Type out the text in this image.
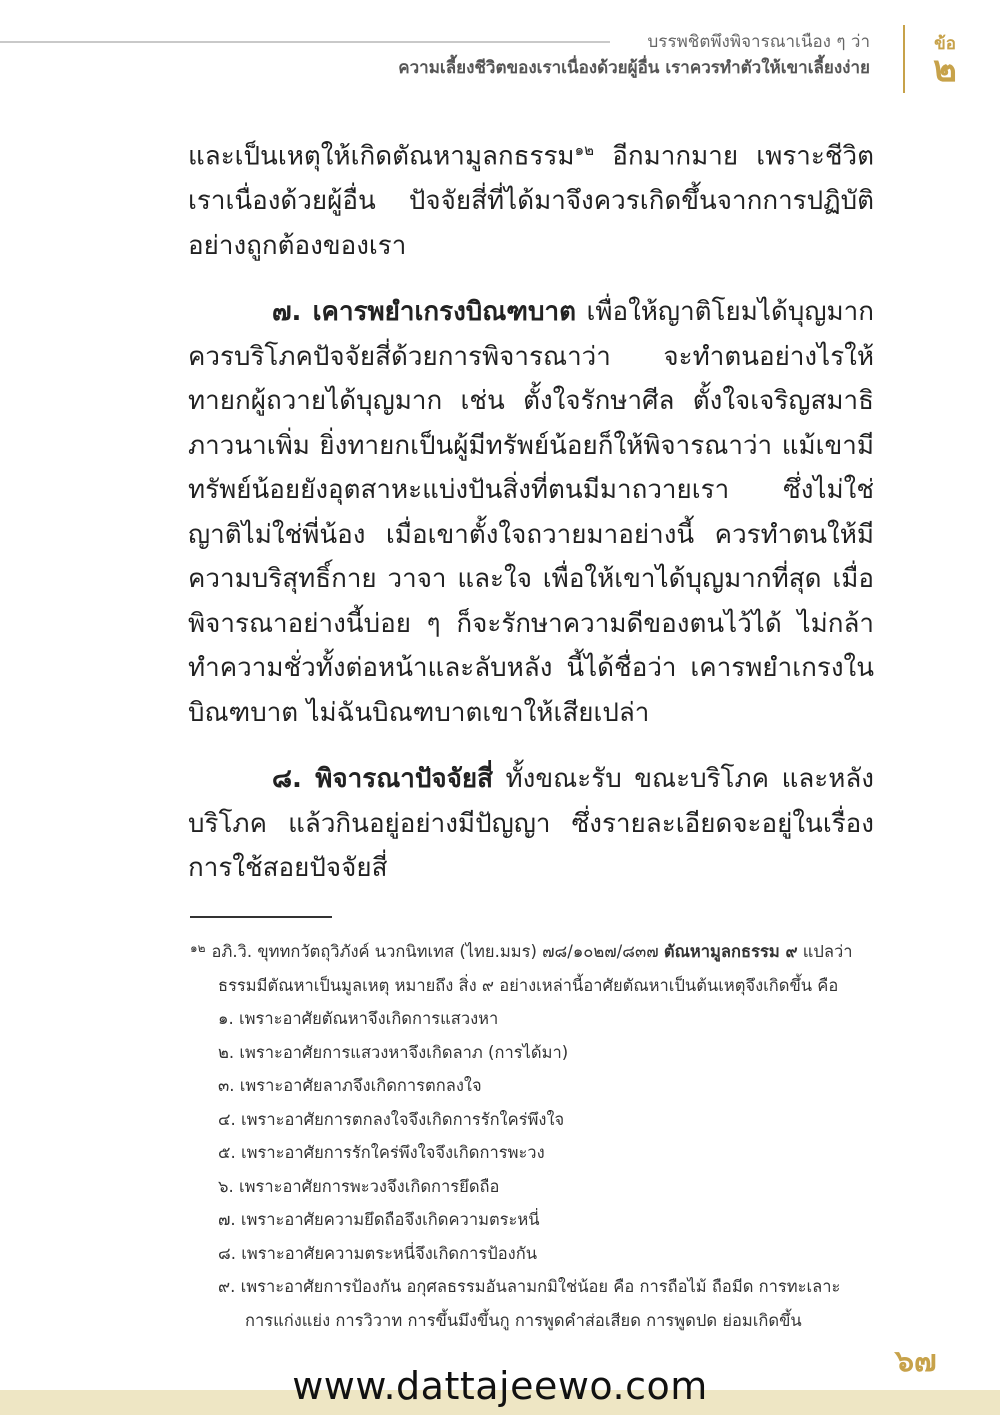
บรรพชิตพึงพิจารณาเนือง ๆ ว่า
ความเลี้ยงชีวิตของเราเนื่องด้วยผู้อื่น เราควรทำตัวให้เขาเลี้ยงง่าย
ข้อ
๒

และเป็นเหตุให้เกิดตัณหามูลกธรรม$^{๑๒}$ อีกมากมาย เพราะชีวิตเราเนื่องด้วยผู้อื่น ปัจจัยสี่ที่ได้มาจึงควรเกิดขึ้นจากการปฏิบัติอย่างถูกต้องของเรา

๗. เคารพยำเกรงบิณฑบาต เพื่อให้ญาติโยมได้บุญมาก ควรบริโภคปัจจัยสี่ด้วยการพิจารณาว่า จะทำตนอย่างไรให้ทายกผู้ถวายได้บุญมาก เช่น ตั้งใจรักษาศีล ตั้งใจเจริญสมาธิภาวนาเพิ่ม ยิ่งทายกเป็นผู้มีทรัพย์น้อยก็ให้พิจารณาว่า แม้เขามีทรัพย์น้อยยังอุตสาหะแบ่งปันสิ่งที่ตนมีมาถวายเรา ซึ่งไม่ใช่ญาติไม่ใช่พี่น้อง เมื่อเขาตั้งใจถวายมาอย่างนี้ ควรทำตนให้มีความบริสุทธิ์กาย วาจา และใจ เพื่อให้เขาได้บุญมากที่สุด เมื่อพิจารณาอย่างนี้บ่อย ๆ ก็จะรักษาความดีของตนไว้ได้ ไม่กล้าทำความชั่วทั้งต่อหน้าและลับหลัง นี้ได้ชื่อว่า เคารพยำเกรงในบิณฑบาต ไม่ฉันบิณฑบาตเขาให้เสียเปล่า

๘. พิจารณาปัจจัยสี่ ทั้งขณะรับ ขณะบริโภค และหลังบริโภค แล้วกินอยู่อย่างมีปัญญา ซึ่งรายละเอียดจะอยู่ในเรื่องการใช้สอยปัจจัยสี่

$^{๑๒}$ อภิ.วิ. ขุททกวัตถุวิภังค์ นวกนิทเทส (ไทย.มมร) ๗๘/๑๐๒๗/๘๓๗ ตัณหามูลกธรรม ๙ แปลว่า
ธรรมมีตัณหาเป็นมูลเหตุ หมายถึง สิ่ง ๙ อย่างเหล่านี้อาศัยตัณหาเป็นต้นเหตุจึงเกิดขึ้น คือ

๑. เพราะอาศัยตัณหาจึงเกิดการแสวงหา

๒. เพราะอาศัยการแสวงหาจึงเกิดลาภ (การได้มา)

๓. เพราะอาศัยลาภจึงเกิดการตกลงใจ

๔. เพราะอาศัยการตกลงใจจึงเกิดการรักใคร่พึงใจ

๕. เพราะอาศัยการรักใคร่พึงใจจึงเกิดการพะวง

๖. เพราะอาศัยการพะวงจึงเกิดการยึดถือ

๗. เพราะอาศัยความยึดถือจึงเกิดความตระหนี่

๘. เพราะอาศัยความตระหนี่จึงเกิดการป้องกัน

๙. เพราะอาศัยการป้องกัน อกุศลธรรมอันลามกมิใช่น้อย คือ การถือไม้ ถือมีด การทะเลาะ
การแก่งแย่ง การวิวาท การขึ้นมึงขึ้นกู การพูดคำส่อเสียด การพูดปด ย่อมเกิดขึ้น

๖๗
www.dattajeewo.com
